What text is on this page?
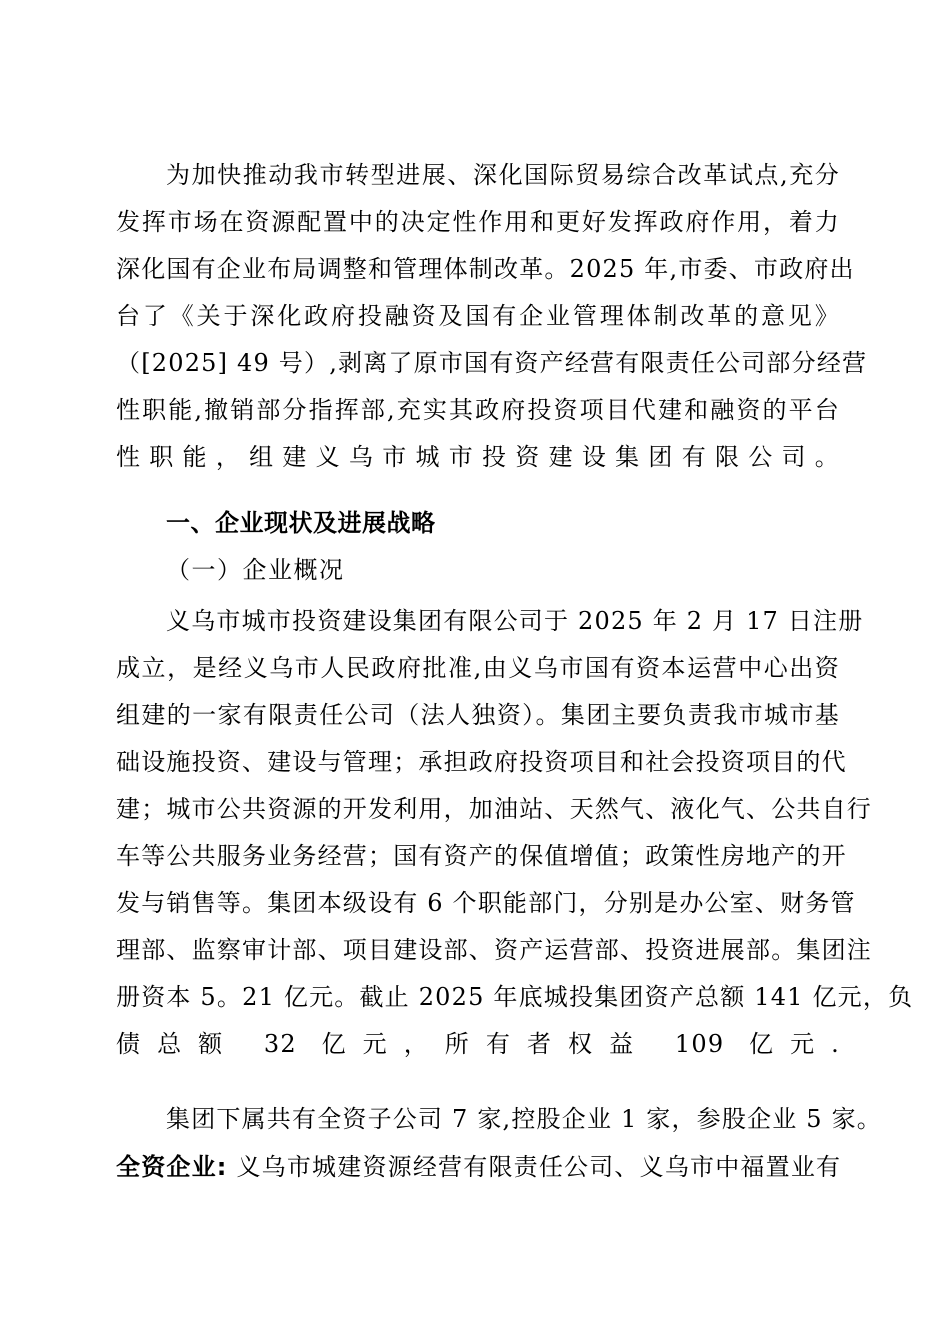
为加快推动我市转型进展、深化国际贸易综合改革试点,充分
发挥市场在资源配置中的决定性作用和更好发挥政府作用，着力

深化国有企业布局调整和管理体制改革。2025 年,市委、市政府出
台了《关于深化政府投融资及国有企业管理体制改革的意见》
（[2025] 49 号）,剥离了原市国有资产经营有限责任公司部分经营
性职能,撤销部分指挥部,充实其政府投资项目代建和融资的平台
性职能，组建义乌市城市投资建设集团有限公司。

一、企业现状及进展战略

（一）企业概况

义乌市城市投资建设集团有限公司于 2025 年 2 月 17 日注册
成立，是经义乌市人民政府批准,由义乌市国有资本运营中心出资
组建的一家有限责任公司（法人独资）。集团主要负责我市城市基
础设施投资、建设与管理；承担政府投资项目和社会投资项目的代
建；城市公共资源的开发利用，加油站、天然气、液化气、公共自行
车等公共服务业务经营；国有资产的保值增值；政策性房地产的开
发与销售等。集团本级设有 6 个职能部门，分别是办公室、财务管
理部、监察审计部、项目建设部、资产运营部、投资进展部。集团注
册资本 5。21 亿元。截止 2025 年底城投集团资产总额 141 亿元，负
债总额 32 亿元，所有者权益 109 亿元.

集团下属共有全资子公司 7 家,控股企业 1 家，参股企业 5 家。

全资企业: 义乌市城建资源经营有限责任公司、义乌市中福置业有
